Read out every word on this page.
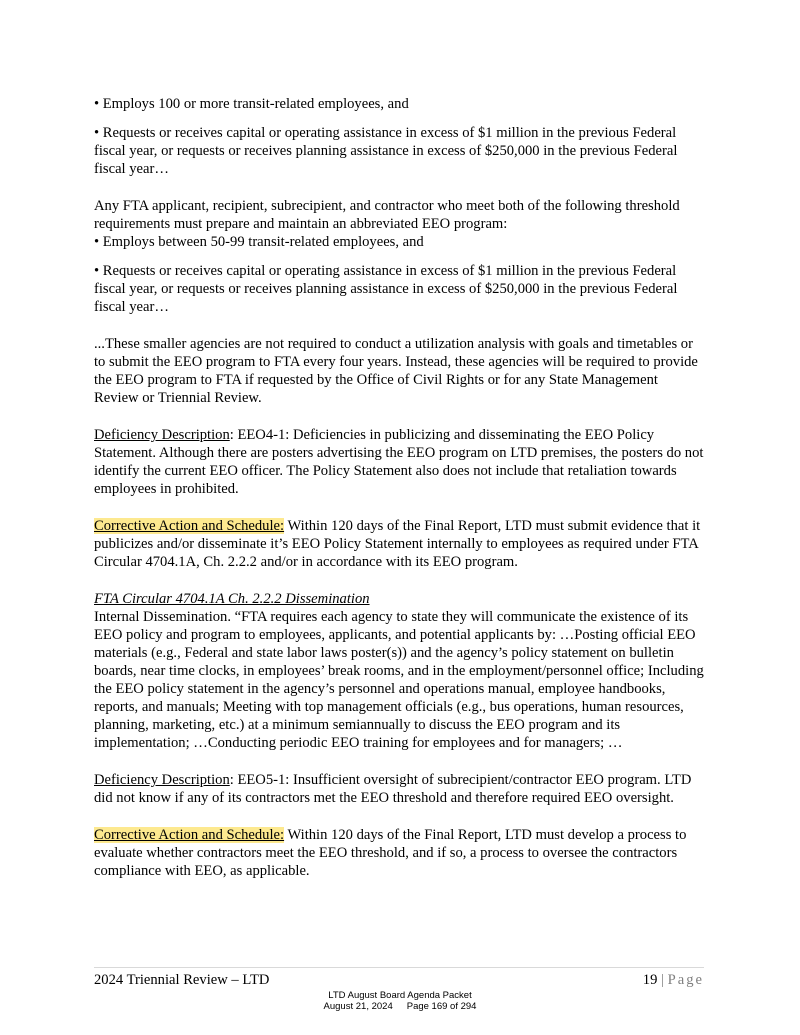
• Employs 100 or more transit-related employees, and

• Requests or receives capital or operating assistance in excess of $1 million in the previous Federal fiscal year, or requests or receives planning assistance in excess of $250,000 in the previous Federal fiscal year…

Any FTA applicant, recipient, subrecipient, and contractor who meet both of the following threshold requirements must prepare and maintain an abbreviated EEO program:

• Employs between 50-99 transit-related employees, and

• Requests or receives capital or operating assistance in excess of $1 million in the previous Federal fiscal year, or requests or receives planning assistance in excess of $250,000 in the previous Federal fiscal year…

...These smaller agencies are not required to conduct a utilization analysis with goals and timetables or to submit the EEO program to FTA every four years. Instead, these agencies will be required to provide the EEO program to FTA if requested by the Office of Civil Rights or for any State Management Review or Triennial Review.

Deficiency Description: EEO4-1: Deficiencies in publicizing and disseminating the EEO Policy Statement. Although there are posters advertising the EEO program on LTD premises, the posters do not identify the current EEO officer. The Policy Statement also does not include that retaliation towards employees in prohibited.

Corrective Action and Schedule: Within 120 days of the Final Report, LTD must submit evidence that it publicizes and/or disseminate it’s EEO Policy Statement internally to employees as required under FTA Circular 4704.1A, Ch. 2.2.2 and/or in accordance with its EEO program.

FTA Circular 4704.1A Ch. 2.2.2 Dissemination

Internal Dissemination. “FTA requires each agency to state they will communicate the existence of its EEO policy and program to employees, applicants, and potential applicants by: …Posting official EEO materials (e.g., Federal and state labor laws poster(s)) and the agency’s policy statement on bulletin boards, near time clocks, in employees’ break rooms, and in the employment/personnel office; Including the EEO policy statement in the agency’s personnel and operations manual, employee handbooks, reports, and manuals; Meeting with top management officials (e.g., bus operations, human resources, planning, marketing, etc.) at a minimum semiannually to discuss the EEO program and its implementation; …Conducting periodic EEO training for employees and for managers; …

Deficiency Description: EEO5-1: Insufficient oversight of subrecipient/contractor EEO program. LTD did not know if any of its contractors met the EEO threshold and therefore required EEO oversight.

Corrective Action and Schedule: Within 120 days of the Final Report, LTD must develop a process to evaluate whether contractors meet the EEO threshold, and if so, a process to oversee the contractors compliance with EEO, as applicable.

2024 Triennial Review – LTD	19 | Page
LTD August Board Agenda Packet
August 21, 2024 Page 169 of 294
